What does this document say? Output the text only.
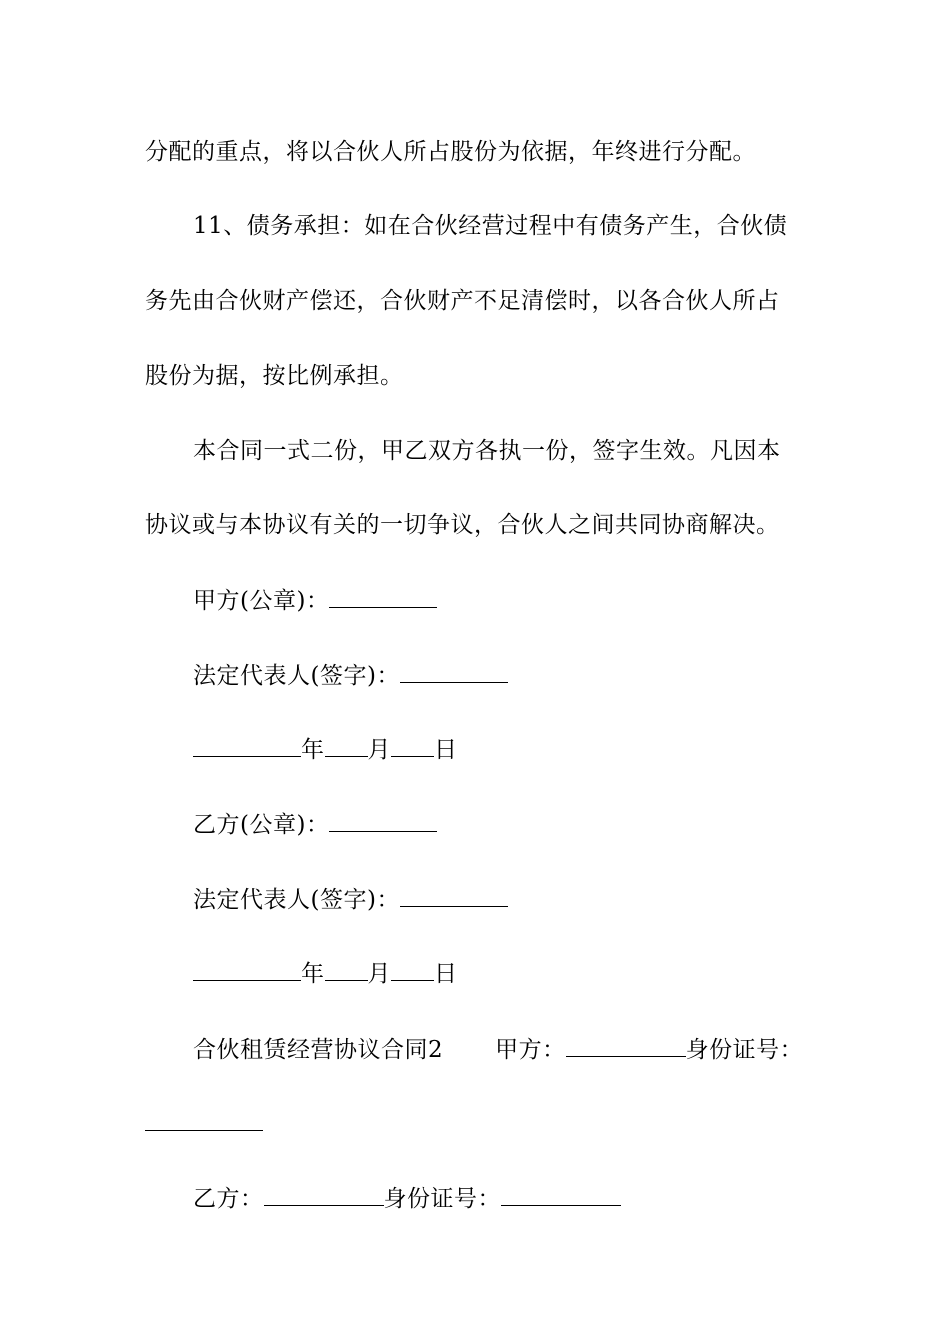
分配的重点，将以合伙人所占股份为依据，年终进行分配。
11、债务承担：如在合伙经营过程中有债务产生，合伙债
务先由合伙财产偿还，合伙财产不足清偿时，以各合伙人所占
股份为据，按比例承担。
本合同一式二份，甲乙双方各执一份，签字生效。凡因本
协议或与本协议有关的一切争议，合伙人之间共同协商解决。
甲方(公章)：
法定代表人(签字)：
年 月 日
乙方(公章)：
法定代表人(签字)：
年 月 日
合伙租赁经营协议合同2 甲方：	身份证号：
乙方：	身份证号：
